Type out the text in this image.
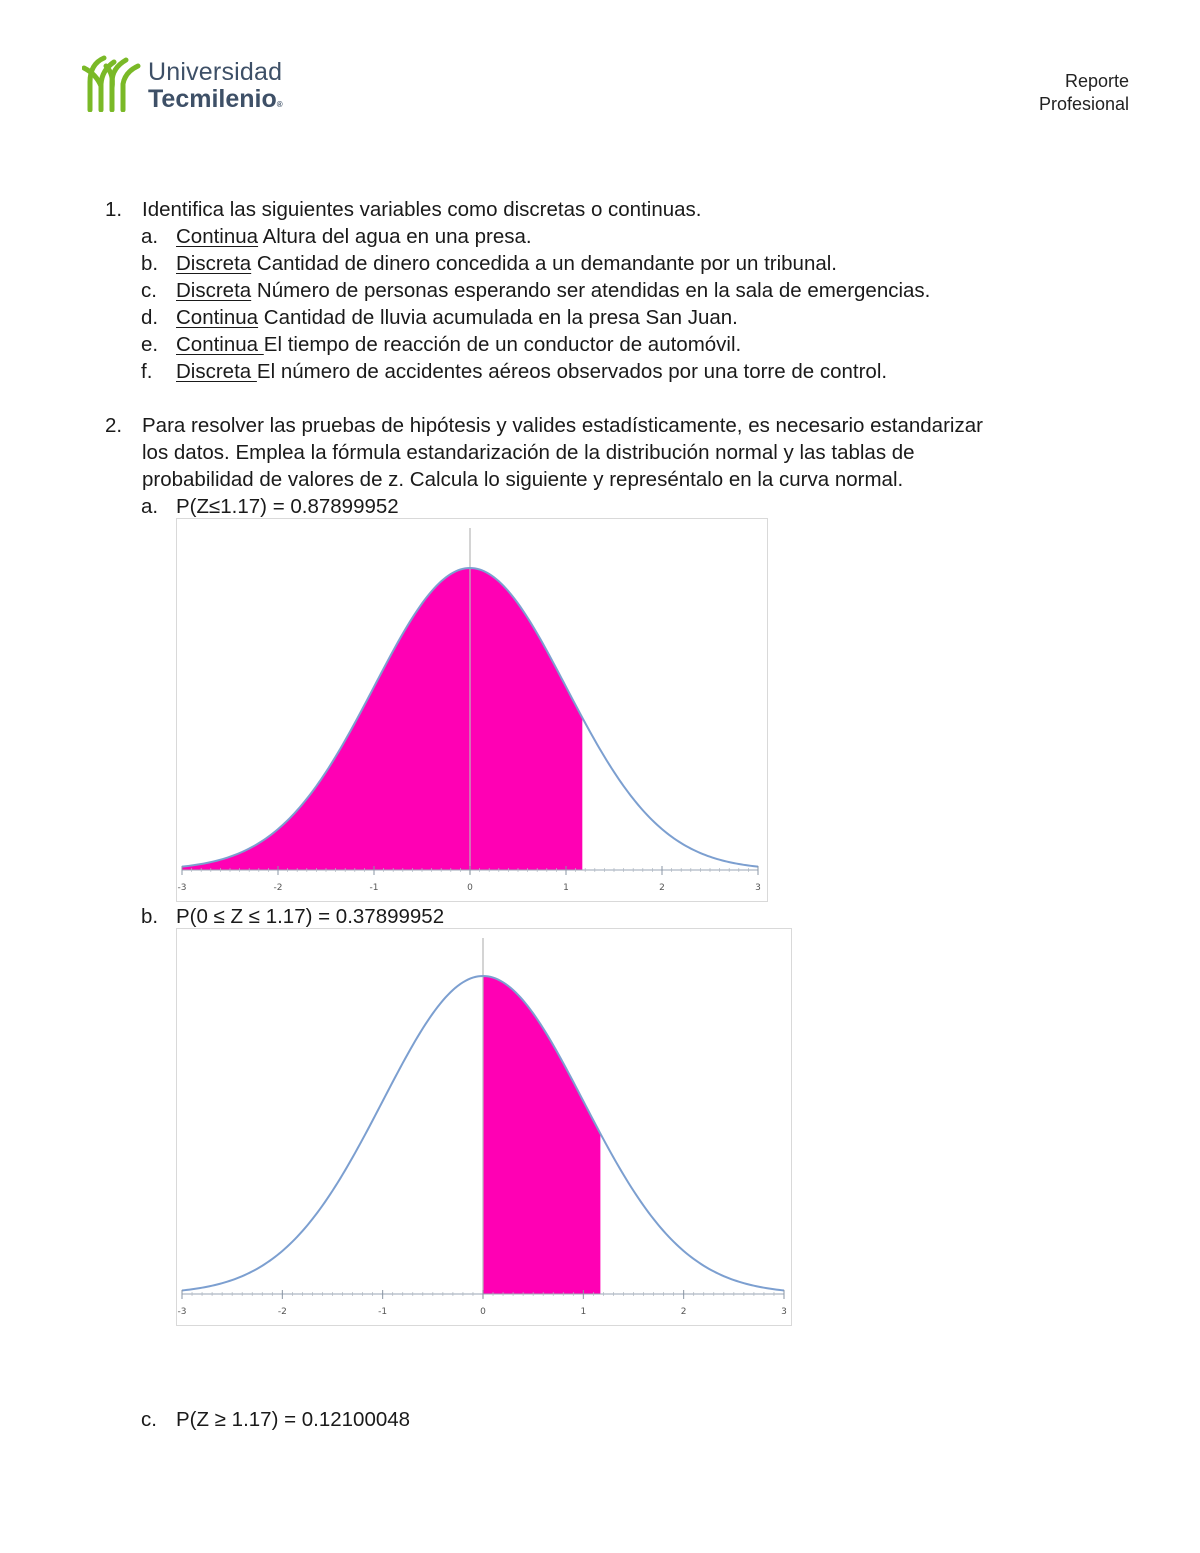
Universidad
Tecmilenio®
Reporte
Profesional
1. Identifica las siguientes variables como discretas o continuas.
a. Continua Altura del agua en una presa.
b. Discreta Cantidad de dinero concedida a un demandante por un tribunal.
c. Discreta Número de personas esperando ser atendidas en la sala de emergencias.
d. Continua Cantidad de lluvia acumulada en la presa San Juan.
e. Continua El tiempo de reacción de un conductor de automóvil.
f. Discreta El número de accidentes aéreos observados por una torre de control.
2. Para resolver las pruebas de hipótesis y valides estadísticamente, es necesario estandarizar
los datos. Emplea la fórmula estandarización de la distribución normal y las tablas de
probabilidad de valores de z. Calcula lo siguiente y represéntalo en la curva normal.
a. P(Z≤1.17) = 0.87899952
-3	-2	-1	0	1	2	3
b. P(0 ≤ Z ≤ 1.17) = 0.37899952
-3	-2	-1	0	1	2	3
c. P(Z ≥ 1.17) = 0.12100048
